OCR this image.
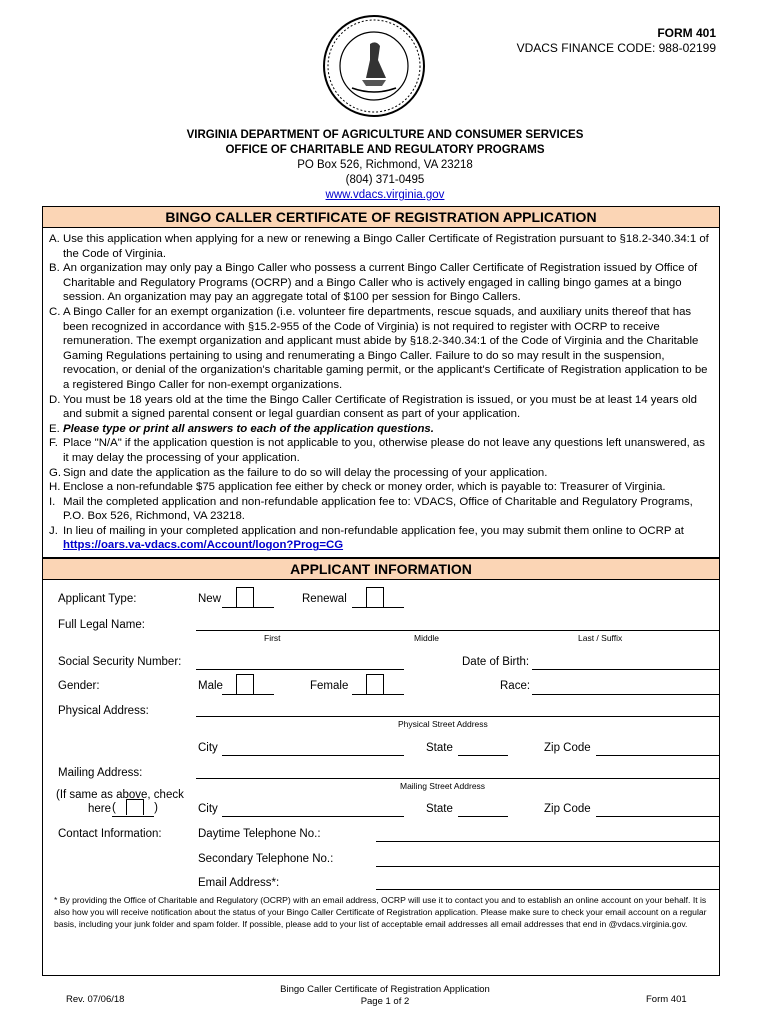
FORM 401
VDACS FINANCE CODE: 988-02199
VIRGINIA DEPARTMENT OF AGRICULTURE AND CONSUMER SERVICES
OFFICE OF CHARITABLE AND REGULATORY PROGRAMS
PO Box 526, Richmond, VA 23218
(804) 371-0495
www.vdacs.virginia.gov
BINGO CALLER CERTIFICATE OF REGISTRATION APPLICATION
A. Use this application when applying for a new or renewing a Bingo Caller Certificate of Registration pursuant to §18.2-340.34:1 of the Code of Virginia.
B. An organization may only pay a Bingo Caller who possess a current Bingo Caller Certificate of Registration issued by Office of Charitable and Regulatory Programs (OCRP) and a Bingo Caller who is actively engaged in calling bingo games at a bingo session. An organization may pay an aggregate total of $100 per session for Bingo Callers.
C. A Bingo Caller for an exempt organization (i.e. volunteer fire departments, rescue squads, and auxiliary units thereof that has been recognized in accordance with §15.2-955 of the Code of Virginia) is not required to register with OCRP to receive remuneration. The exempt organization and applicant must abide by §18.2-340.34:1 of the Code of Virginia and the Charitable Gaming Regulations pertaining to using and renumerating a Bingo Caller. Failure to do so may result in the suspension, revocation, or denial of the organization's charitable gaming permit, or the applicant's Certificate of Registration application to be a registered Bingo Caller for non-exempt organizations.
D. You must be 18 years old at the time the Bingo Caller Certificate of Registration is issued, or you must be at least 14 years old and submit a signed parental consent or legal guardian consent as part of your application.
E. Please type or print all answers to each of the application questions.
F. Place "N/A" if the application question is not applicable to you, otherwise please do not leave any questions left unanswered, as it may delay the processing of your application.
G. Sign and date the application as the failure to do so will delay the processing of your application.
H. Enclose a non-refundable $75 application fee either by check or money order, which is payable to: Treasurer of Virginia.
I. Mail the completed application and non-refundable application fee to: VDACS, Office of Charitable and Regulatory Programs, P.O. Box 526, Richmond, VA 23218.
J. In lieu of mailing in your completed application and non-refundable application fee, you may submit them online to OCRP at
https://oars.va-vdacs.com/Account/logon?Prog=CG
APPLICANT INFORMATION
Applicant Type:	New	Renewal
Full Legal Name:
First	Middle	Last / Suffix
Social Security Number:	Date of Birth:
Gender:	Male	Female	Race:
Physical Address:
Physical Street Address
City	State	Zip Code
Mailing Address:
Mailing Street Address
(If same as above, check
here (	)	City	State	Zip Code
Contact Information:	Daytime Telephone No.:
Secondary Telephone No.:
Email Address*:
* By providing the Office of Charitable and Regulatory (OCRP) with an email address, OCRP will use it to contact you and to establish an online account on your behalf. It is also how you will receive notification about the status of your Bingo Caller Certificate of Registration application. Please make sure to check your email account on a regular basis, including your junk folder and spam folder. If possible, please add to your list of acceptable email addresses all email addresses that end in @vdacs.virginia.gov.
Rev. 07/06/18
Bingo Caller Certificate of Registration Application
Page 1 of 2	Form 401
